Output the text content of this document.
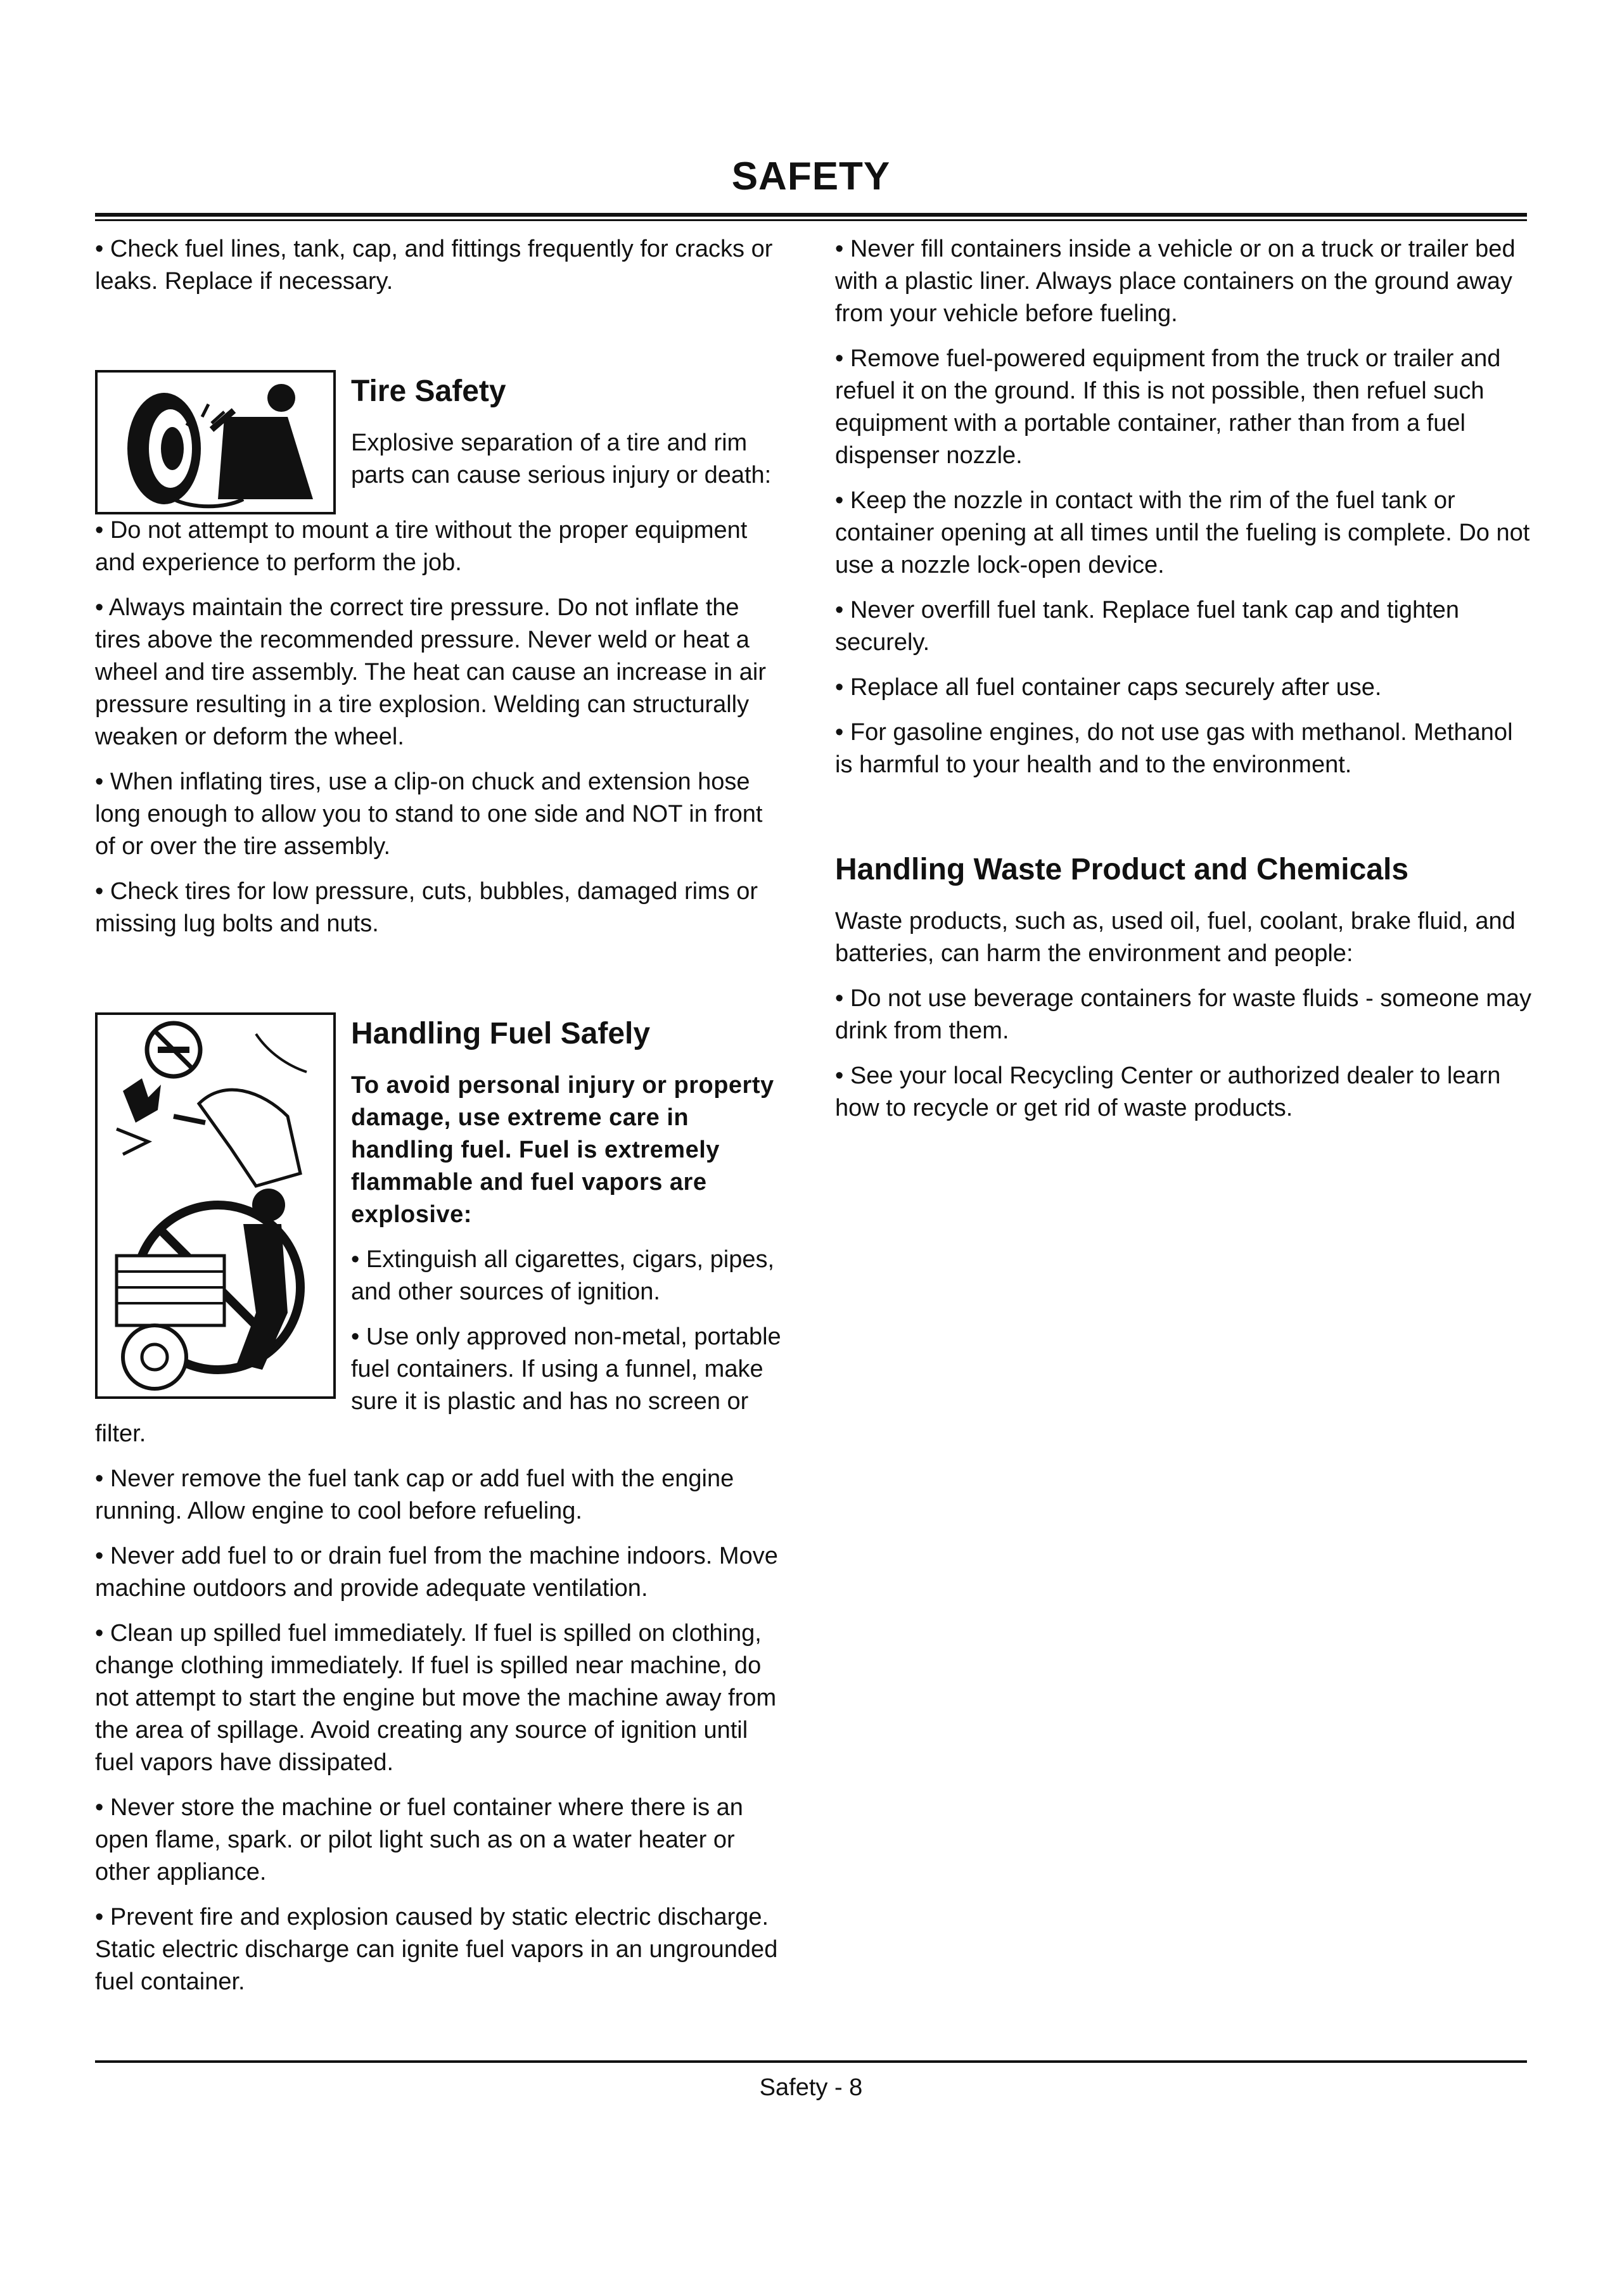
SAFETY

• Check fuel lines, tank, cap, and fittings frequently for cracks or leaks. Replace if necessary.

Tire Safety

Explosive separation of a tire and rim parts can cause serious injury or death:

• Do not attempt to mount a tire without the proper equipment and experience to perform the job.

• Always maintain the correct tire pressure. Do not inflate the tires above the recommended pressure. Never weld or heat a wheel and tire assembly. The heat can cause an increase in air pressure resulting in a tire explosion. Welding can structurally weaken or deform the wheel.

• When inflating tires, use a clip-on chuck and extension hose long enough to allow you to stand to one side and NOT in front of or over the tire assembly.

• Check tires for low pressure, cuts, bubbles, damaged rims or missing lug bolts and nuts.

Handling Fuel Safely

To avoid personal injury or property damage, use extreme care in handling fuel. Fuel is extremely flammable and fuel vapors are explosive:

• Extinguish all cigarettes, cigars, pipes, and other sources of ignition.

• Use only approved non-metal, portable fuel containers. If using a funnel, make sure it is plastic and has no screen or filter.

• Never remove the fuel tank cap or add fuel with the engine running. Allow engine to cool before refueling.

• Never add fuel to or drain fuel from the machine indoors. Move machine outdoors and provide adequate ventilation.

• Clean up spilled fuel immediately. If fuel is spilled on clothing, change clothing immediately. If fuel is spilled near machine, do not attempt to start the engine but move the machine away from the area of spillage. Avoid creating any source of ignition until fuel vapors have dissipated.

• Never store the machine or fuel container where there is an open flame, spark. or pilot light such as on a water heater or other appliance.

• Prevent fire and explosion caused by static electric discharge. Static electric discharge can ignite fuel vapors in an ungrounded fuel container.

• Never fill containers inside a vehicle or on a truck or trailer bed with a plastic liner. Always place containers on the ground away from your vehicle before fueling.

• Remove fuel-powered equipment from the truck or trailer and refuel it on the ground. If this is not possible, then refuel such equipment with a portable container, rather than from a fuel dispenser nozzle.

• Keep the nozzle in contact with the rim of the fuel tank or container opening at all times until the fueling is complete. Do not use a nozzle lock-open device.

• Never overfill fuel tank. Replace fuel tank cap and tighten securely.

• Replace all fuel container caps securely after use.

• For gasoline engines, do not use gas with methanol. Methanol is harmful to your health and to the environment.

Handling Waste Product and Chemicals

Waste products, such as, used oil, fuel, coolant, brake fluid, and batteries, can harm the environment and people:

• Do not use beverage containers for waste fluids - someone may drink from them.

• See your local Recycling Center or authorized dealer to learn how to recycle or get rid of waste products.

Safety - 8
